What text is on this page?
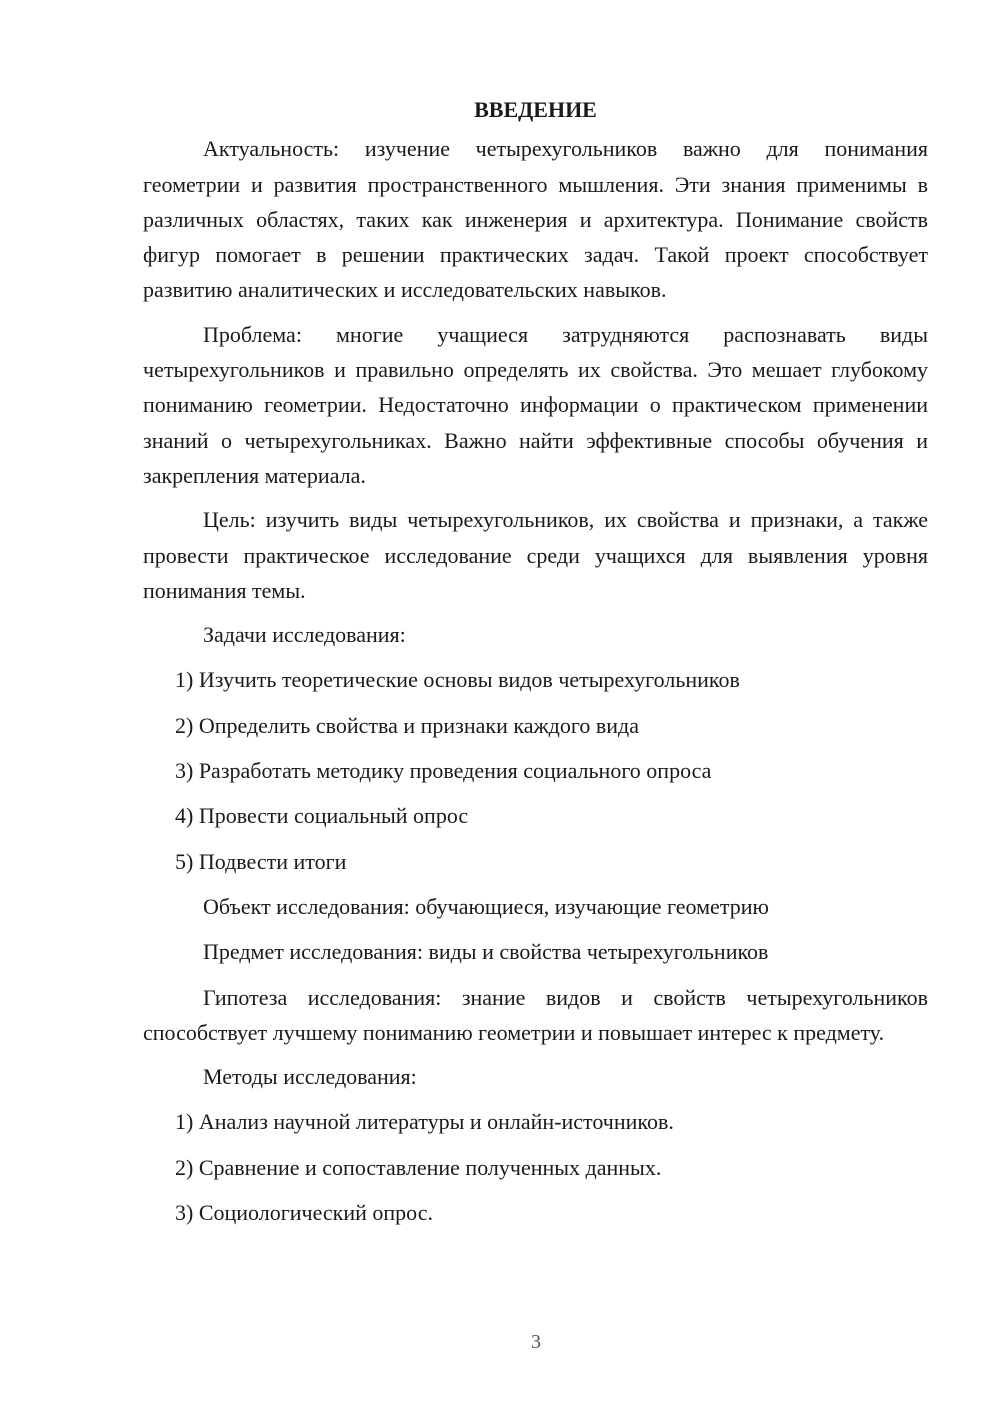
ВВЕДЕНИЕ

Актуальность: изучение четырехугольников важно для понимания геометрии и развития пространственного мышления. Эти знания применимы в различных областях, таких как инженерия и архитектура. Понимание свойств фигур помогает в решении практических задач. Такой проект способствует развитию аналитических и исследовательских навыков.

Проблема: многие учащиеся затрудняются распознавать виды четырехугольников и правильно определять их свойства. Это мешает глубокому пониманию геометрии. Недостаточно информации о практическом применении знаний о четырехугольниках. Важно найти эффективные способы обучения и закрепления материала.

Цель: изучить виды четырехугольников, их свойства и признаки, а также провести практическое исследование среди учащихся для выявления уровня понимания темы.

Задачи исследования:

1) Изучить теоретические основы видов четырехугольников
2) Определить свойства и признаки каждого вида
3) Разработать методику проведения социального опроса
4) Провести социальный опрос
5) Подвести итоги

Объект исследования: обучающиеся, изучающие геометрию

Предмет исследования: виды и свойства четырехугольников

Гипотеза исследования: знание видов и свойств четырехугольников способствует лучшему пониманию геометрии и повышает интерес к предмету.

Методы исследования:

1) Анализ научной литературы и онлайн-источников.
2) Сравнение и сопоставление полученных данных.
3) Социологический опрос.
3
